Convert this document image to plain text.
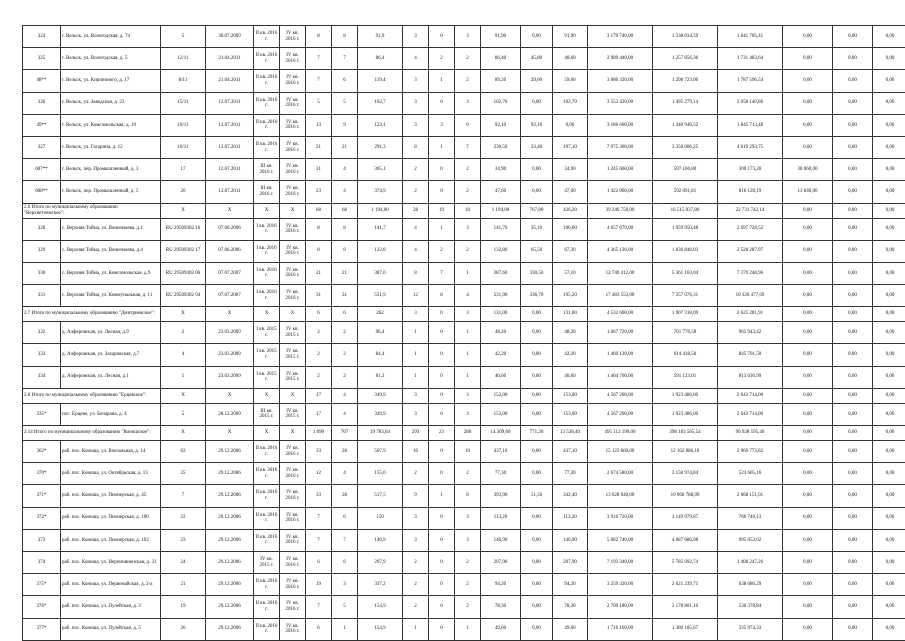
324	г. Вельск, ул. Вологодская, д. 74	5	30.07.2009	II кв. 2016 г.	IV кв. 2016 г.	8	8	91,9	3	0	3	91,90	0,00	91,90	3 179 740,00	1 338 034,59	1 841 705,41	0,00	0,00	0,00
325	г. Вельск, ул. Вологодская, д. 5	12/11	21.04.2011	II кв. 2016 г.	IV кв. 2016 г.	7	7	86,4	4	2	2	86,40	45,80	40,60	2 989 440,00	1 257 856,36	1 731 483,64	0,00	0,00	0,00
48**	г. Вельск, ул. Кирпичного, д. 17	8/11	21.04.2011	II кв. 2016 г.	IV кв. 2016 г.	7	6	119,4	3	1	2	89,20	29,60	59,60	3 086 320,00	1 298 723,06	1 787 596,54	0,00	0,00	0,00
326	г. Вельск, ул. Заводская, д. 23	15/11	12.07.2011	II кв. 2016 г.	IV кв. 2016 г.	5	5	102,7	3	0	3	102,70	0,00	102,70	3 553 420,00	1 495 279,14	2 058 140,86	0,00	0,00	0,00
49**	г. Вельск, ул. Комсомольская, д. 19	10/11	12.07.2011	II кв. 2016 г.	IV кв. 2016 г.	13	9	123,1	3	3	0	92,10	92,10	0,00	3 186 660,00	1 340 946,52	1 845 713,48	0,00	0,00	0,00
327	г. Вельск, ул. Гагарина, д. 12	16/11	12.07.2011	II кв. 2016 г.	IV кв. 2016 г.	21	21	291,3	8	1	7	230,50	33,40	197,10	7 975 300,00	3 356 006,25	4 619 293,75	0,00	0,00	0,00
607**	г. Вельск, пер. Промышленный, д. 3	17	12.07.2011	III кв. 2016 г.	IV кв. 2016 г.	31	4	305,1	2	0	2	34,90	0,00	34,90	1 245 660,00	507 166,80	300 173,20	38 060,00	0,00	0,00
608**	г. Вельск, пер. Промышленный, д. 5	20	12.07.2011	III кв. 2016 г.	IV кв. 2016 г.	23	4	374,9	2	0	2	47,60	0,00	47,60	1 422 060,00	592 091,81	816 128,19	13 840,00	0,00	0,00
2.6 Итого по муниципальному образованию "Верхнетоемское":		X	X	X	X	68	68	1 194,00	28	19	10	1 194,00	767,80	426,20	39 246 750,00	16 515 037,86	22 731 742,14	0,00	0,00	0,00
328	с. Верхняя Тойма, ул. Венизмоева, д.1	RU 29509302 16	07.06.2006	I кв. 2016 г.	IV кв. 2016 г.	8	8	141,7	4	1	3	141,70	35,10	106,60	4 657 679,00	1 959 950,48	2 697 728,52	0,00	0,00	0,00
329	с. Верхняя Тойма, ул. Венизмоева, д.4	RU 29509302 17	07.06.2006	I кв. 2016 г.	IV кв. 2016 г.	8	8	132,8	4	2	2	132,80	65,50	67,30	4 365 136,00	1 836 848,03	2 528 287,97	0,00	0,00	0,00
330	с. Верхняя Тойма, ул. Комсомольская, д.9	RU 29509302 06	07.07.2007	I кв. 2016 г.	IV кв. 2016 г.	21	21	387,6	8	7	1	387,60	330,50	57,10	12 740 412,00	5 361 163,04	7 379 248,96	0,00	0,00	0,00
331	с. Верхняя Тойма, ул. Коммунальная, д. 11	RU 29509302 04	07.07.2007	I кв. 2016 г.	IV кв. 2016 г.	31	31	531,9	12	8	4	531,90	336,70	195,20	17 483 553,00	7 357 076,31	10 126 477,69	0,00	0,00	0,00
2.7 Итого по муниципальному образованию "Дмитриевское":		X	X	X	X	6	6	262	3	0	3	131,00	0,00	131,00	4 532 600,00	1 907 318,09	2 625 281,91	0,00	0,00	0,00
332	д. Алфеpовская, ул. Лесная, д.9	2	23.03.2009	I кв. 2015 г.	IV кв. 2015 г.	2	2	96,4	1	0	1	48,20	0,00	48,20	1 667 720,00	701 776,58	965 943,42	0,00	0,00	0,00
333	д. Алфеpовская, ул. Захаровская, д.7	4	23.03.2009	I кв. 2015 г.	IV кв. 2015 г.	2	2	84,4	1	0	1	42,20	0,00	42,20	1 460 120,00	614 418,50	845 701,50	0,00	0,00	0,00
334	д. Алфеpовская, ул. Лесная, д.1	1	23.03.2009	I кв. 2015 г.	IV кв. 2015 г.	2	2	81,2	1	0	1	40,60	0,00	40,60	1 404 760,00	591 123,01	813 636,99	0,00	0,00	0,00
2.8 Итого по муниципальному образованию "Ерцевское":		X	X	X	X	17	4	349,9	3	0	3	153,00	0,00	153,00	4 567 200,00	1 923 486,00	2 643 714,00	0,00	0,00	0,00
335*	пос. Ерцево, ул. Бочарова, д. 4	5	28.12.2009	III кв. 2015 г.	IV кв. 2015 г.	17	4	349,9	3	0	3	153,00	0,00	153,00	4 567 200,00	1 923 486,00	2 643 714,00	0,00	0,00	0,00
2.14 Итого по муниципальному образованию "Коношское":		X	X	X	X	1 090	767	19 783,64	293	23	280	14 309,60	771,20	13 538,40	495 112 190,00	398 183 565,54	96 928 595,46	0,00	0,00	0,00
362*	раб. пос. Коноша, ул. Вокзальная, д. 14	63	29.12.2006	II кв. 2016 г.	IV кв. 2016 г.	33	28	507,9	10	0	10	437,10	0,00	437,10	15 123 660,00	12 162 886,18	2 960 773,82	0,00	0,00	0,00
370*	раб. пос. Коноша, ул. Октябрьская, д. 13	25	29.12.2006	II кв. 2016 г.	IV кв. 2016 г.	12	4	155,6	2	0	2	77,30	0,00	77,30	2 674 580,00	2 150 974,84	523 605,16	0,00	0,00	0,00
371*	раб. пос. Коноша, ул. Пионерская, д. 45	7	29.12.2006	II кв. 2016 г.	IV кв. 2016 г.	33	28	517,5	9	1	8	393,90	51,50	342,40	13 628 940,00	10 960 788,99	2 668 151,01	0,00	0,00	0,00
372*	раб. пос. Коноша, ул. Пионерская, д. 100	22	29.12.2006	II кв. 2016 г.	IV кв. 2016 г.	7	6	150	3	0	3	113,20	0,00	113,20	3 916 720,00	3 149 979,87	766 740,13	0,00	0,00	0,00
373	раб. пос. Коноша, ул. Пионерская, д. 102	23	29.12.2006	II кв. 2016 г.	IV кв. 2016 г.	7	7	146,9	3	0	3	146,90	0,00	146,90	5 082 740,00	4 087 686,98	995 053,02	0,00	0,00	0,00
374	раб. пос. Коноша, ул. Нерпичиненская, д. 31	24	29.12.2006	IV кв. 2015 г.	IV кв. 2016 г.	6	6	207,9	2	0	2	207,90	0,00	207,90	7 193 340,00	5 785 092,74	1 408 247,26	0,00	0,00	0,00
375*	раб. пос. Коноша, ул. Первомайская, д. 2-а	21	29.12.2006	II кв. 2016 г.	IV кв. 2016 г.	19	3	337,2	2	0	2	94,20	0,00	94,20	3 259 320,00	2 621 239,71	638 080,29	0,00	0,00	0,00
376*	раб. пос. Коноша, ул. Пулейская, д. 3	19	29.12.2006	II кв. 2016 г.	IV кв. 2016 г.	7	5	154,9	2	0	2	78,30	0,00	78,30	2 709 180,00	2 178 801,16	530 378,84	0,00	0,00	0,00
377*	раб. пос. Коноша, ул. Пулейская, д. 5	26	29.12.2006	II кв. 2016 г.	IV кв. 2016 г.	6	1	154,9	1	0	1	49,60	0,00	49,60	1 716 160,00	1 380 185,67	335 974,33	0,00	0,00	0,00
